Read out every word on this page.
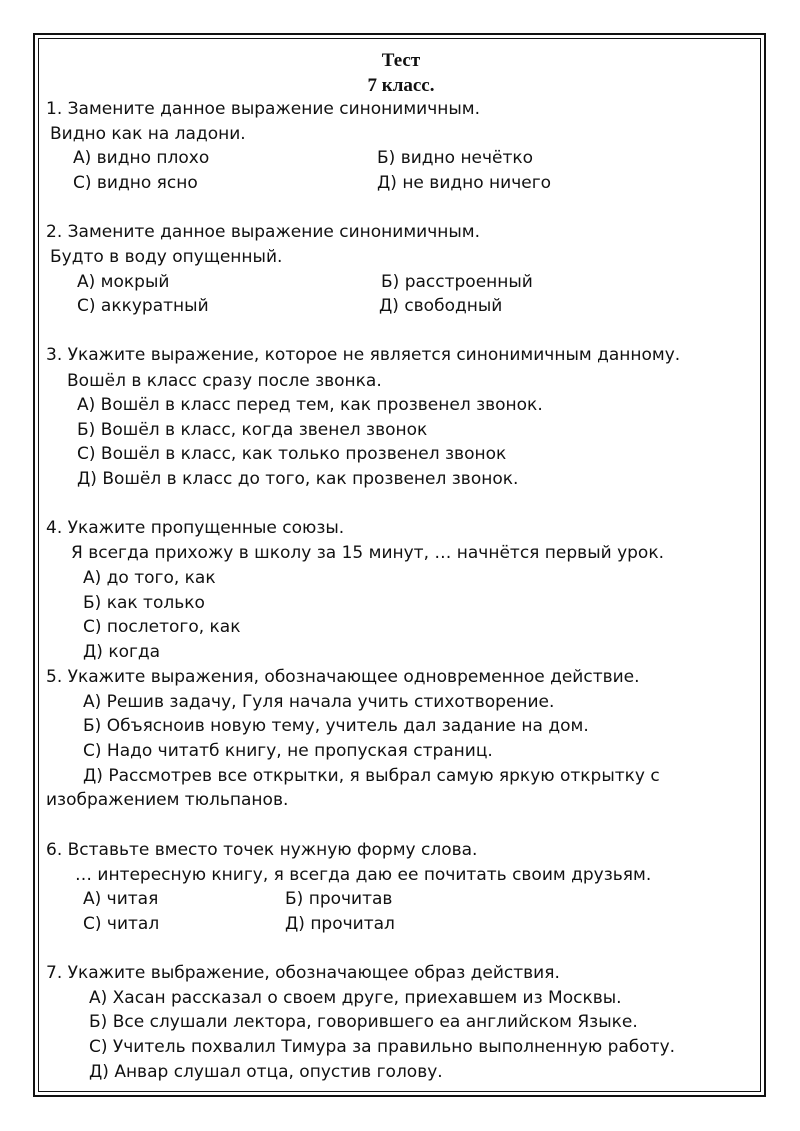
Тест
7 класс.
1. Замените данное выражение синонимичным.
Видно как на ладони.
А) видно плохо	Б) видно нечётко
С) видно ясно	Д) не видно ничего
2. Замените данное выражение синонимичным.
Будто в воду опущенный.
А) мокрый	Б) расстроенный
С) аккуратный	Д) свободный
3. Укажите выражение, которое не является синонимичным данному.
Вошёл в класс сразу после звонка.
А) Вошёл в класс перед тем, как прозвенел звонок.
Б) Вошёл в класс, когда звенел звонок
С) Вошёл в класс, как только прозвенел звонок
Д) Вошёл в класс до того, как прозвенел звонок.
4. Укажите пропущенные союзы.
Я всегда прихожу в школу за 15 минут, … начнётся первый урок.
А) до того, как
Б) как только
С) послетого, как
Д) когда
5. Укажите выражения, обозначающее одновременное действие.
А) Решив задачу, Гуля начала учить стихотворение.
Б) Объясноив новую тему, учитель дал задание на дом.
С) Надо читатб книгу, не пропуская страниц.
Д) Рассмотрев все открытки, я выбрал самую яркую открытку с
изображением тюльпанов.
6. Вставьте вместо точек нужную форму слова.
… интересную книгу, я всегда даю ее почитать своим друзьям.
А) читая	Б) прочитав
С) читал	Д) прочитал
7. Укажите выбражение, обозначающее образ действия.
А) Хасан рассказал о своем друге, приехавшем из Москвы.
Б) Все слушали лектора, говорившего еа английском Языке.
С) Учитель похвалил Тимура за правильно выполненную работу.
Д) Анвар слушал отца, опустив голову.
